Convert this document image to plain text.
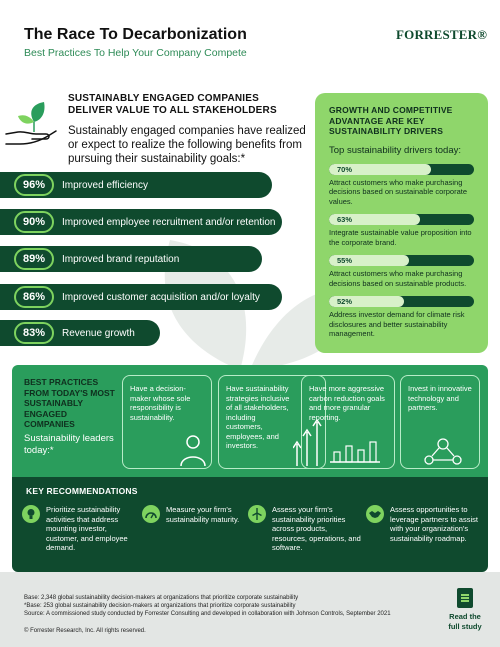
The Race To Decarbonization
Best Practices To Help Your Company Compete
FORRESTER®
SUSTAINABLY ENGAGED COMPANIES
DELIVER VALUE TO ALL STAKEHOLDERS
Sustainably engaged companies have realized or expect to realize the following benefits from pursuing their sustainability goals:*
96%	Improved efficiency
90%	Improved employee recruitment and/or retention
89%	Improved brand reputation
86%	Improved customer acquisition and/or loyalty
83%	Revenue growth
GROWTH AND COMPETITIVE
ADVANTAGE ARE KEY
SUSTAINABILITY DRIVERS
Top sustainability drivers today:
70%
Attract customers who make purchasing decisions based on sustainable corporate values.
63%
Integrate sustainable value proposition into the corporate brand.
55%
Attract customers who make purchasing decisions based on sustainable products.
52%
Address investor demand for climate risk disclosures and better sustainability management.
BEST PRACTICES FROM TODAY'S MOST SUSTAINABLY ENGAGED COMPANIES
Sustainability leaders today:*
Have a decision-maker whose sole responsibility is sustainability.
Have sustainability strategies inclusive of all stakeholders, including customers, employees, and investors.
Have more aggressive carbon reduction goals and more granular reporting.
Invest in innovative technology and partners.
KEY RECOMMENDATIONS
Prioritize sustainability activities that address mounting investor, customer, and employee demand.
Measure your firm's sustainability maturity.
Assess your firm's sustainability priorities across products, resources, operations, and software.
Assess opportunities to leverage partners to assist with your organization's sustainability roadmap.
Base: 2,348 global sustainability decision-makers at organizations that prioritize corporate sustainability
*Base: 253 global sustainability decision-makers at organizations that prioritize corporate sustainability
Source: A commissioned study conducted by Forrester Consulting and developed in collaboration with Johnson Controls, September 2021
© Forrester Research, Inc. All rights reserved.
Read the
full study
